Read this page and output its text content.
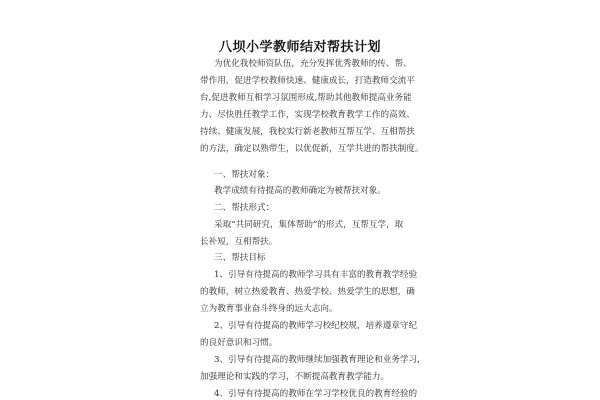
八坝小学教师结对帮扶计划
为优化我校师资队伍，充分发挥优秀教师的传、帮、
带作用，促进学校教师快速、健康成长，打造教师交流平
台,促进教师互相学习氛围形成,帮助其他教师提高业务能
力、尽快胜任教学工作，实现学校教育教学工作的高效、
持续、健康发展，我校实行新老教师互帮互学、互相帮扶
的方法，确定以熟带生，以优促新，互学共进的帮扶制度。
一、帮扶对象：
教学成绩有待提高的教师确定为被帮扶对象。
二、帮扶形式：
采取“共同研究，集体帮助”的形式，互帮互学，取
长补短，互相帮扶。
三、帮扶目标
1、引导有待提高的教师学习具有丰富的教育教学经验
的教师，树立热爱教育、热爱学校、热爱学生的思想，确
立为教育事业奋斗终身的远大志向。
2、引导有待提高的教师学习校纪校规，培养遵章守纪
的良好意识和习惯。
3、引导有待提高的教师继续加强教育理论和业务学习,
加强理论和实践的学习，不断提高教育教学能力。
4、引导有待提高的教师在学习学校优良的教育经验的
